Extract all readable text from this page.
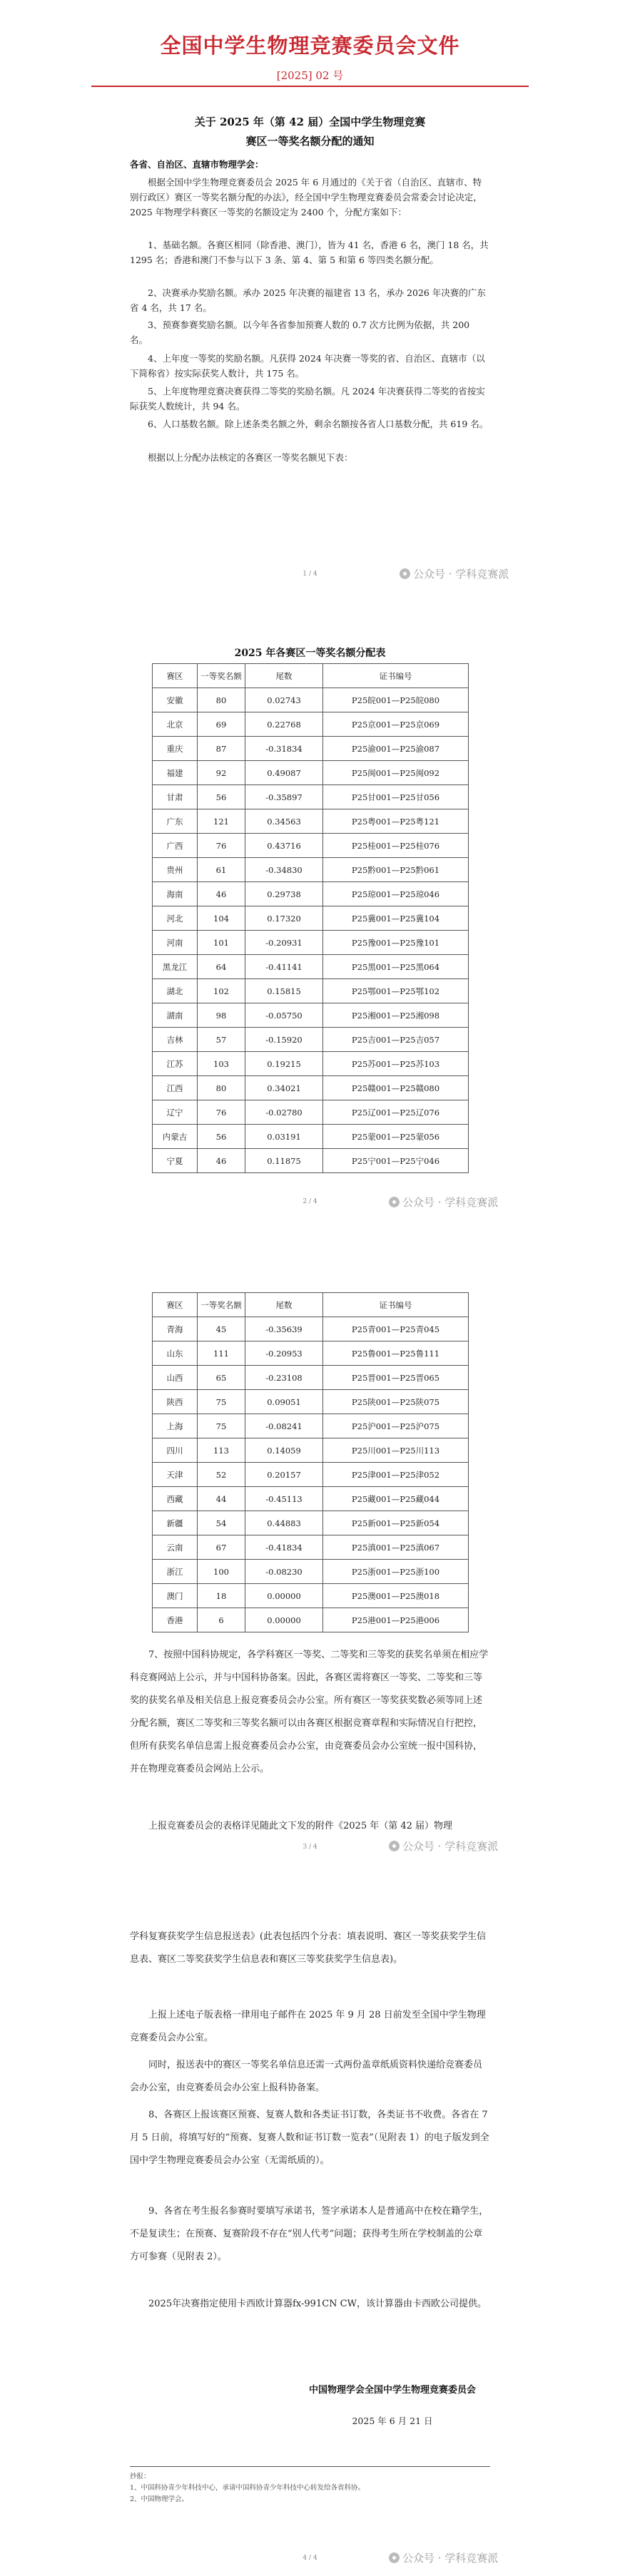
全国中学生物理竞赛委员会文件
[2025] 02 号
关于 2025 年（第 42 届）全国中学生物理竞赛
赛区一等奖名额分配的通知
各省、自治区、直辖市物理学会：
根据全国中学生物理竞赛委员会 2025 年 6 月通过的《关于省（自治区、直辖市、特别行政区）赛区一等奖名额分配的办法》，经全国中学生物理竞赛委员会常委会讨论决定，2025 年物理学科赛区一等奖的名额设定为 2400 个，分配方案如下：
1、基础名额。各赛区相同（除香港、澳门），皆为 41 名，香港 6 名，澳门 18 名，共 1295 名；香港和澳门不参与以下 3 条、第 4、第 5 和第 6 等四类名额分配。
2、决赛承办奖励名额。承办 2025 年决赛的福建省 13 名，承办 2026 年决赛的广东省 4 名，共 17 名。
3、预赛参赛奖励名额。以今年各省参加预赛人数的 0.7 次方比例为依据，共 200 名。
4、上年度一等奖的奖励名额。凡获得 2024 年决赛一等奖的省、自治区、直辖市（以下简称省）按实际获奖人数计，共 175 名。
5、上年度物理竞赛决赛获得二等奖的奖励名额。凡 2024 年决赛获得二等奖的省按实际获奖人数统计，共 94 名。
6、人口基数名额。除上述条类名额之外，剩余名额按各省人口基数分配，共 619 名。
根据以上分配办法核定的各赛区一等奖名额见下表：
1 / 4	公众号 · 学科竞赛派
2025 年各赛区一等奖名额分配表
赛区	一等奖名额	尾数	证书编号
安徽	80	0.02743	P25皖001—P25皖080
北京	69	0.22768	P25京001—P25京069
重庆	87	-0.31834	P25渝001—P25渝087
福建	92	0.49087	P25闽001—P25闽092
甘肃	56	-0.35897	P25甘001—P25甘056
广东	121	0.34563	P25粤001—P25粤121
广西	76	0.43716	P25桂001—P25桂076
贵州	61	-0.34830	P25黔001—P25黔061
海南	46	0.29738	P25琼001—P25琼046
河北	104	0.17320	P25冀001—P25冀104
河南	101	-0.20931	P25豫001—P25豫101
黑龙江	64	-0.41141	P25黑001—P25黑064
湖北	102	0.15815	P25鄂001—P25鄂102
湖南	98	-0.05750	P25湘001—P25湘098
吉林	57	-0.15920	P25吉001—P25吉057
江苏	103	0.19215	P25苏001—P25苏103
江西	80	0.34021	P25赣001—P25赣080
辽宁	76	-0.02780	P25辽001—P25辽076
内蒙古	56	0.03191	P25蒙001—P25蒙056
宁夏	46	0.11875	P25宁001—P25宁046
2 / 4	公众号 · 学科竞赛派
赛区	一等奖名额	尾数	证书编号
青海	45	-0.35639	P25青001—P25青045
山东	111	-0.20953	P25鲁001—P25鲁111
山西	65	-0.23108	P25晋001—P25晋065
陕西	75	0.09051	P25陕001—P25陕075
上海	75	-0.08241	P25沪001—P25沪075
四川	113	0.14059	P25川001—P25川113
天津	52	0.20157	P25津001—P25津052
西藏	44	-0.45113	P25藏001—P25藏044
新疆	54	0.44883	P25新001—P25新054
云南	67	-0.41834	P25滇001—P25滇067
浙江	100	-0.08230	P25浙001—P25浙100
澳门	18	0.00000	P25澳001—P25澳018
香港	6	0.00000	P25港001—P25港006
7、按照中国科协规定，各学科赛区一等奖、二等奖和三等奖的获奖名单须在相应学科竞赛网站上公示，并与中国科协备案。因此，各赛区需将赛区一等奖、二等奖和三等奖的获奖名单及相关信息上报竞赛委员会办公室。所有赛区一等奖获奖数必须等同上述分配名额，赛区二等奖和三等奖名额可以由各赛区根据竞赛章程和实际情况自行把控，但所有获奖名单信息需上报竞赛委员会办公室，由竞赛委员会办公室统一报中国科协，并在物理竞赛委员会网站上公示。
上报竞赛委员会的表格详见随此文下发的附件《2025 年（第 42 届）物理
3 / 4	公众号 · 学科竞赛派
学科复赛获奖学生信息报送表》(此表包括四个分表：填表说明、赛区一等奖获奖学生信息表、赛区二等奖获奖学生信息表和赛区三等奖获奖学生信息表)。
上报上述电子版表格一律用电子邮件在 2025 年 9 月 28 日前发至全国中学生物理竞赛委员会办公室。
同时，报送表中的赛区一等奖名单信息还需一式两份盖章纸质资料快递给竞赛委员会办公室，由竞赛委员会办公室上报科协备案。
8、各赛区上报该赛区预赛、复赛人数和各类证书订数，各类证书不收费。各省在 7 月 5 日前，将填写好的“预赛、复赛人数和证书订数一览表”（见附表 1）的电子版发到全国中学生物理竞赛委员会办公室（无需纸质的）。
9、各省在考生报名参赛时要填写承诺书，签字承诺本人是普通高中在校在籍学生，不是复读生；在预赛、复赛阶段不存在“别人代考”问题；获得考生所在学校制盖的公章方可参赛（见附表 2）。
2025年决赛指定使用卡西欧计算器fx-991CN CW，该计算器由卡西欧公司提供。
中国物理学会全国中学生物理竞赛委员会
2025 年 6 月 21 日
抄报：
1、中国科协青少年科技中心，承请中国科协青少年科技中心转发给各省科协。
2、中国物理学会。
4 / 4	公众号 · 学科竞赛派
